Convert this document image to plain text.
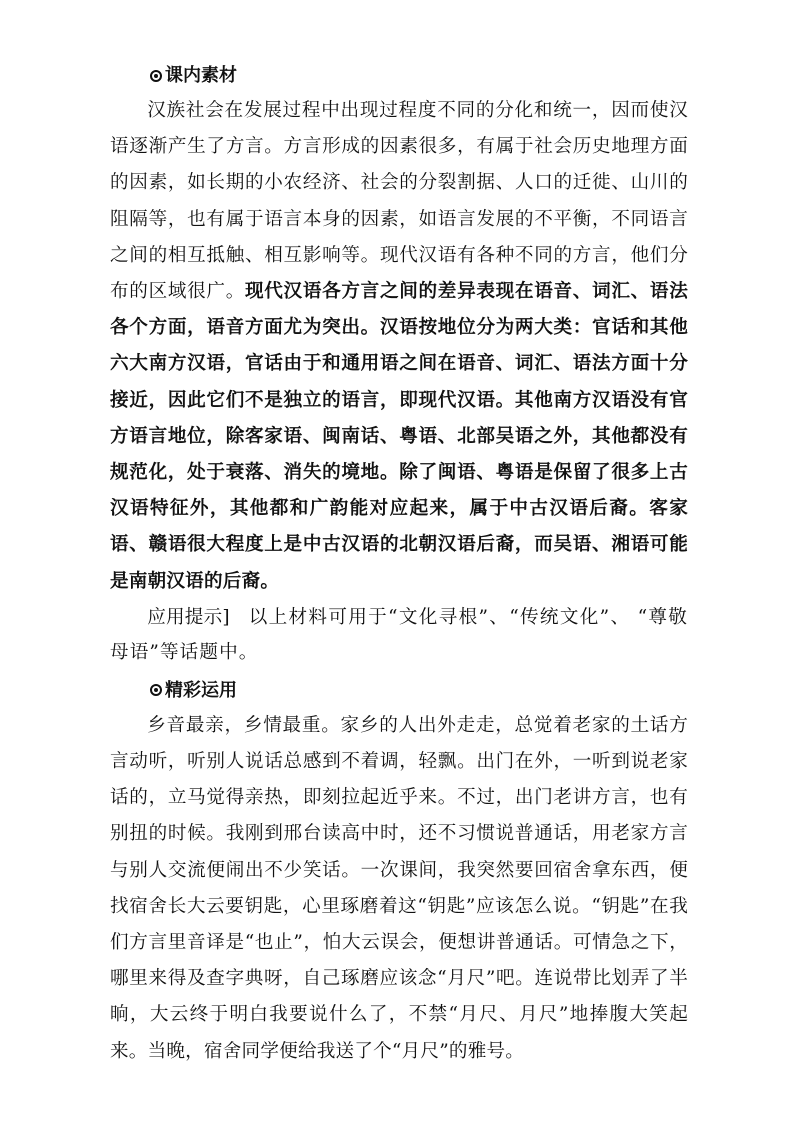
课内素材

汉族社会在发展过程中出现过程度不同的分化和统一，因而使汉语逐渐产生了方言。方言形成的因素很多，有属于社会历史地理方面的因素，如长期的小农经济、社会的分裂割据、人口的迁徙、山川的阻隔等，也有属于语言本身的因素，如语言发展的不平衡，不同语言之间的相互抵触、相互影响等。现代汉语有各种不同的方言，他们分布的区域很广。现代汉语各方言之间的差异表现在语音、词汇、语法各个方面，语音方面尤为突出。汉语按地位分为两大类：官话和其他六大南方汉语，官话由于和通用语之间在语音、词汇、语法方面十分接近，因此它们不是独立的语言，即现代汉语。其他南方汉语没有官方语言地位，除客家语、闽南话、粤语、北部吴语之外，其他都没有规范化，处于衰落、消失的境地。除了闽语、粤语是保留了很多上古汉语特征外，其他都和广韵能对应起来，属于中古汉语后裔。客家语、赣语很大程度上是中古汉语的北朝汉语后裔，而吴语、湘语可能是南朝汉语的后裔。

应用提示]　 以上材料可用于“文化寻根”、“传统文化”、 “尊敬母语”等话题中。

精彩运用

乡音最亲，乡情最重。家乡的人出外走走，总觉着老家的土话方言动听，听别人说话总感到不着调，轻飘。出门在外，一听到说老家话的，立马觉得亲热，即刻拉起近乎来。不过，出门老讲方言，也有别扭的时候。我刚到邢台读高中时，还不习惯说普通话，用老家方言与别人交流便闹出不少笑话。一次课间，我突然要回宿舍拿东西，便找宿舍长大云要钥匙，心里琢磨着这“钥匙”应该怎么说。“钥匙”在我们方言里音译是“也止”，怕大云误会，便想讲普通话。可情急之下，哪里来得及查字典呀，自己琢磨应该念“月尺”吧。连说带比划弄了半晌，大云终于明白我要说什么了，不禁“月尺、月尺”地捧腹大笑起来。当晚，宿舍同学便给我送了个“月尺”的雅号。
